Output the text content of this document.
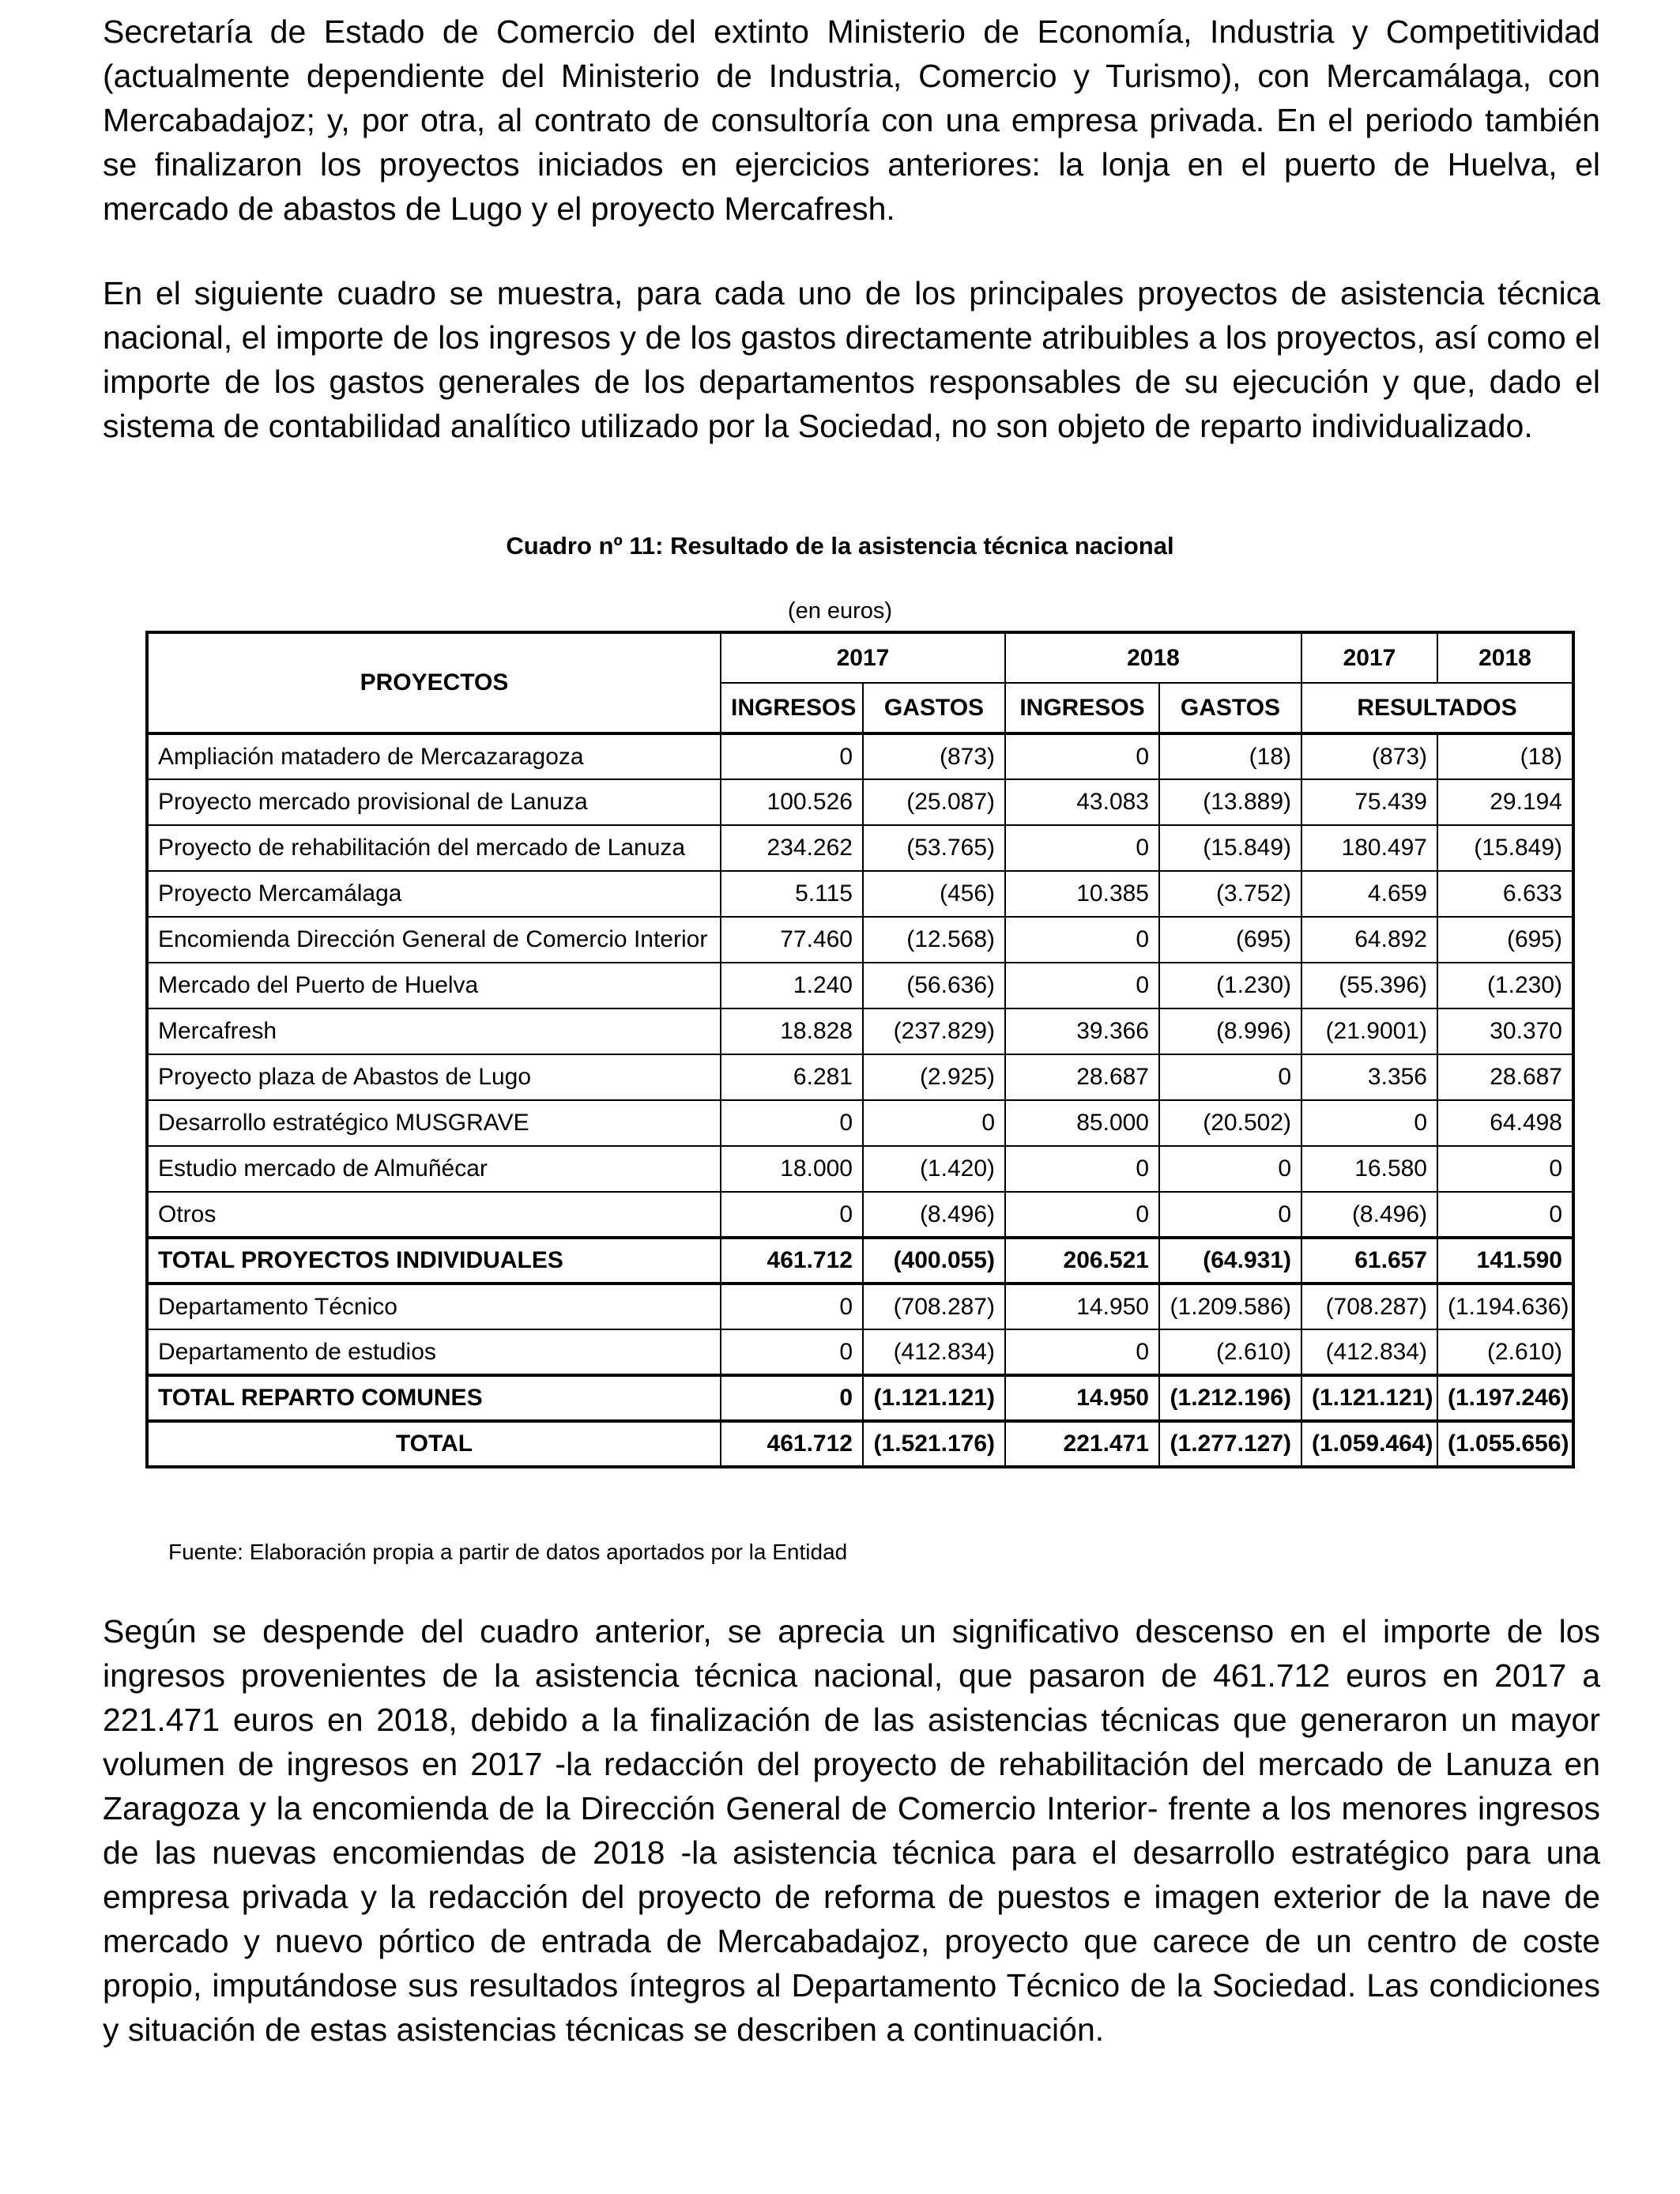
Secretaría de Estado de Comercio del extinto Ministerio de Economía, Industria y Competitividad (actualmente dependiente del Ministerio de Industria, Comercio y Turismo), con Mercamálaga, con Mercabadajoz; y, por otra, al contrato de consultoría con una empresa privada. En el periodo también se finalizaron los proyectos iniciados en ejercicios anteriores: la lonja en el puerto de Huelva, el mercado de abastos de Lugo y el proyecto Mercafresh.

En el siguiente cuadro se muestra, para cada uno de los principales proyectos de asistencia técnica nacional, el importe de los ingresos y de los gastos directamente atribuibles a los proyectos, así como el importe de los gastos generales de los departamentos responsables de su ejecución y que, dado el sistema de contabilidad analítico utilizado por la Sociedad, no son objeto de reparto individualizado.

Cuadro nº 11: Resultado de la asistencia técnica nacional
(en euros)
PROYECTOS	2017		2018		2017	2018
	INGRESOS	GASTOS	INGRESOS	GASTOS	RESULTADOS	
Ampliación matadero de Mercazaragoza	0	(873)	0	(18)	(873)	(18)
Proyecto mercado provisional de Lanuza	100.526	(25.087)	43.083	(13.889)	75.439	29.194
Proyecto de rehabilitación del mercado de Lanuza	234.262	(53.765)	0	(15.849)	180.497	(15.849)
Proyecto Mercamálaga	5.115	(456)	10.385	(3.752)	4.659	6.633
Encomienda Dirección General de Comercio Interior	77.460	(12.568)	0	(695)	64.892	(695)
Mercado del Puerto de Huelva	1.240	(56.636)	0	(1.230)	(55.396)	(1.230)
Mercafresh	18.828	(237.829)	39.366	(8.996)	(21.9001)	30.370
Proyecto plaza de Abastos de Lugo	6.281	(2.925)	28.687	0	3.356	28.687
Desarrollo estratégico MUSGRAVE	0	0	85.000	(20.502)	0	64.498
Estudio mercado de Almuñécar	18.000	(1.420)	0	0	16.580	0
Otros	0	(8.496)	0	0	(8.496)	0
TOTAL PROYECTOS INDIVIDUALES	461.712	(400.055)	206.521	(64.931)	61.657	141.590
Departamento Técnico	0	(708.287)	14.950	(1.209.586)	(708.287)	(1.194.636)
Departamento de estudios	0	(412.834)	0	(2.610)	(412.834)	(2.610)
TOTAL REPARTO COMUNES	0	(1.121.121)	14.950	(1.212.196)	(1.121.121)	(1.197.246)
TOTAL	461.712	(1.521.176)	221.471	(1.277.127)	(1.059.464)	(1.055.656)
Fuente: Elaboración propia a partir de datos aportados por la Entidad

Según se despende del cuadro anterior, se aprecia un significativo descenso en el importe de los ingresos provenientes de la asistencia técnica nacional, que pasaron de 461.712 euros en 2017 a 221.471 euros en 2018, debido a la finalización de las asistencias técnicas que generaron un mayor volumen de ingresos en 2017 -la redacción del proyecto de rehabilitación del mercado de Lanuza en Zaragoza y la encomienda de la Dirección General de Comercio Interior- frente a los menores ingresos de las nuevas encomiendas de 2018 -la asistencia técnica para el desarrollo estratégico para una empresa privada y la redacción del proyecto de reforma de puestos e imagen exterior de la nave de mercado y nuevo pórtico de entrada de Mercabadajoz, proyecto que carece de un centro de coste propio, imputándose sus resultados íntegros al Departamento Técnico de la Sociedad. Las condiciones y situación de estas asistencias técnicas se describen a continuación.
